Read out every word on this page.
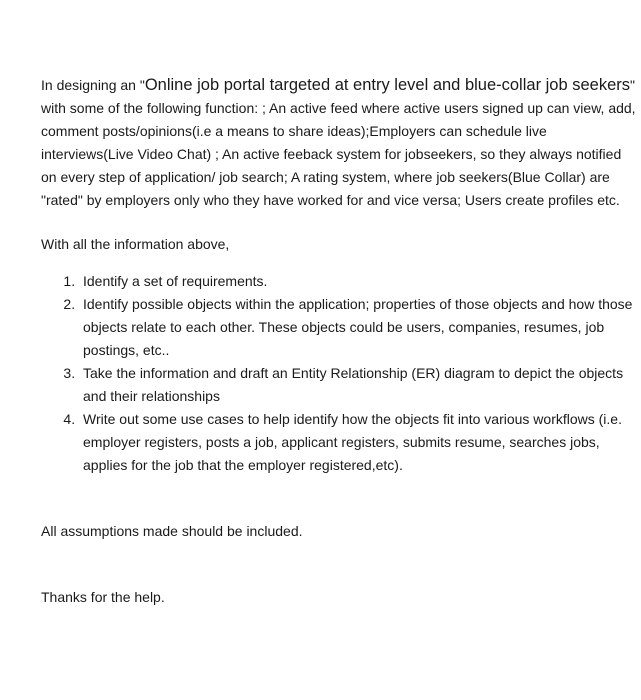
In designing an "Online job portal targeted at entry level and blue-collar job seekers" with some of the following function: ; An active feed where active users signed up can view, add, comment posts/opinions(i.e a means to share ideas);Employers can schedule live interviews(Live Video Chat) ; An active feeback system for jobseekers, so they always notified on every step of application/ job search; A rating system, where job seekers(Blue Collar) are "rated" by employers only who they have worked for and vice versa; Users create profiles etc.

With all the information above,

1. Identify a set of requirements.
2. Identify possible objects within the application; properties of those objects and how those objects relate to each other. These objects could be users, companies, resumes, job postings, etc..
3. Take the information and draft an Entity Relationship (ER) diagram to depict the objects and their relationships
4. Write out some use cases to help identify how the objects fit into various workflows (i.e. employer registers, posts a job, applicant registers, submits resume, searches jobs, applies for the job that the employer registered,etc).

All assumptions made should be included.

Thanks for the help.
